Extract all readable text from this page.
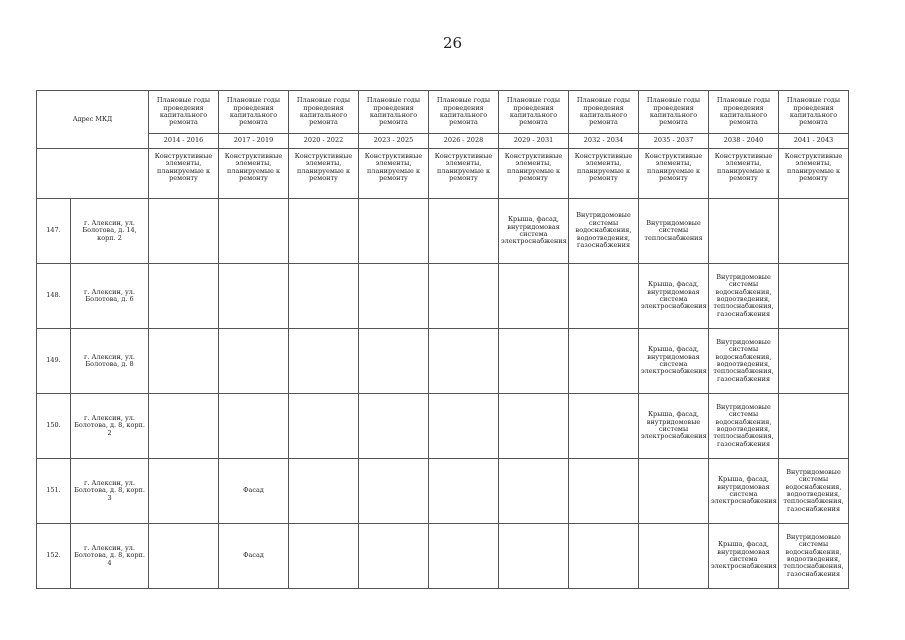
26
Адрес МКД		Плановые годы проведения капитального ремонта	Плановые годы проведения капитального ремонта	Плановые годы проведения капитального ремонта	Плановые годы проведения капитального ремонта	Плановые годы проведения капитального ремонта	Плановые годы проведения капитального ремонта	Плановые годы проведения капитального ремонта	Плановые годы проведения капитального ремонта	Плановые годы проведения капитального ремонта	Плановые годы проведения капитального ремонта
		2014 - 2016	2017 - 2019	2020 - 2022	2023 - 2025	2026 - 2028	2029 - 2031	2032 - 2034	2035 - 2037	2038 - 2040	2041 - 2043
		Конструктивные элементы, планируемые к ремонту	Конструктивные элементы, планируемые к ремонту	Конструктивные элементы, планируемые к ремонту	Конструктивные элементы, планируемые к ремонту	Конструктивные элементы, планируемые к ремонту	Конструктивные элементы, планируемые к ремонту	Конструктивные элементы, планируемые к ремонту	Конструктивные элементы, планируемые к ремонту	Конструктивные элементы, планируемые к ремонту	Конструктивные элементы, планируемые к ремонту
147.	г. Алексин, ул. Болотова, д. 14, корп. 2						Крыша, фасад, внутридомовая система электроснабжения	Внутридомовые системы водоснабжения, водоотведения, газоснабжения	Внутридомовые системы теплоснабжения		
148.	г. Алексин, ул. Болотова, д. 6								Крыша, фасад, внутридомовая система электроснабжения	Внутридомовые системы водоснабжения, водоотведения, теплоснабжения, газоснабжения	
149.	г. Алексин, ул. Болотова, д. 8								Крыша, фасад, внутридомовая система электроснабжения	Внутридомовые системы водоснабжения, водоотведения, теплоснабжения, газоснабжения	
150.	г. Алексин, ул. Болотова, д. 8, корп. 2								Крыша, фасад, внутридомовые системы электроснабжения	Внутридомовые системы водоснабжения, водоотведения, теплоснабжения, газоснабжения	
151.	г. Алексин, ул. Болотова, д. 8, корп. 3		Фасад							Крыша, фасад, внутридомовая система электроснабжения	Внутридомовые системы водоснабжения, водоотведения, теплоснабжения, газоснабжения
152.	г. Алексин, ул. Болотова, д. 8, корп. 4		Фасад							Крыша, фасад, внутридомовая система электроснабжения	Внутридомовые системы водоснабжения, водоотведения, теплоснабжения, газоснабжения
